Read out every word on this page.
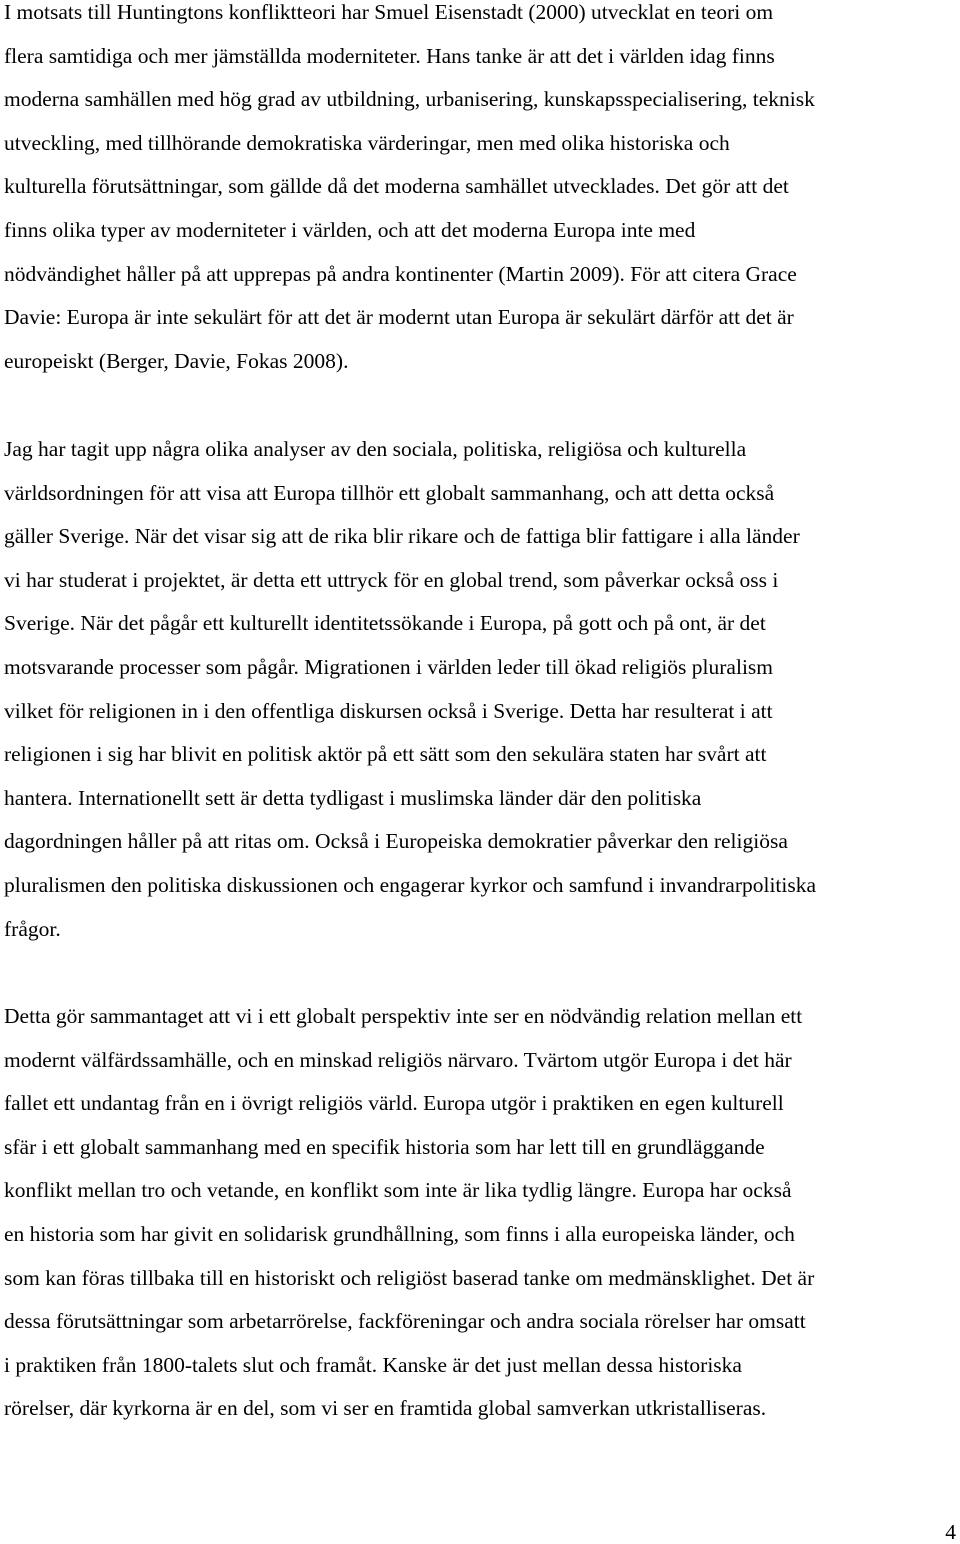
I motsats till Huntingtons konfliktteori har Smuel Eisenstadt (2000) utvecklat en teori om
flera samtidiga och mer jämställda moderniteter. Hans tanke är att det i världen idag finns
moderna samhällen med hög grad av utbildning, urbanisering, kunskapsspecialisering, teknisk
utveckling, med tillhörande demokratiska värderingar, men med olika historiska och
kulturella förutsättningar, som gällde då det moderna samhället utvecklades. Det gör att det
finns olika typer av moderniteter i världen, och att det moderna Europa inte med
nödvändighet håller på att upprepas på andra kontinenter (Martin 2009). För att citera Grace
Davie: Europa är inte sekulärt för att det är modernt utan Europa är sekulärt därför att det är
europeiskt (Berger, Davie, Fokas 2008).
Jag har tagit upp några olika analyser av den sociala, politiska, religiösa och kulturella
världsordningen för att visa att Europa tillhör ett globalt sammanhang, och att detta också
gäller Sverige. När det visar sig att de rika blir rikare och de fattiga blir fattigare i alla länder
vi har studerat i projektet, är detta ett uttryck för en global trend, som påverkar också oss i
Sverige. När det pågår ett kulturellt identitetssökande i Europa, på gott och på ont, är det
motsvarande processer som pågår. Migrationen i världen leder till ökad religiös pluralism
vilket för religionen in i den offentliga diskursen också i Sverige. Detta har resulterat i att
religionen i sig har blivit en politisk aktör på ett sätt som den sekulära staten har svårt att
hantera. Internationellt sett är detta tydligast i muslimska länder där den politiska
dagordningen håller på att ritas om. Också i Europeiska demokratier påverkar den religiösa
pluralismen den politiska diskussionen och engagerar kyrkor och samfund i invandrarpolitiska
frågor.
Detta gör sammantaget att vi i ett globalt perspektiv inte ser en nödvändig relation mellan ett
modernt välfärdssamhälle, och en minskad religiös närvaro. Tvärtom utgör Europa i det här
fallet ett undantag från en i övrigt religiös värld. Europa utgör i praktiken en egen kulturell
sfär i ett globalt sammanhang med en specifik historia som har lett till en grundläggande
konflikt mellan tro och vetande, en konflikt som inte är lika tydlig längre. Europa har också
en historia som har givit en solidarisk grundhållning, som finns i alla europeiska länder, och
som kan föras tillbaka till en historiskt och religiöst baserad tanke om medmänsklighet. Det är
dessa förutsättningar som arbetarrörelse, fackföreningar och andra sociala rörelser har omsatt
i praktiken från 1800-talets slut och framåt. Kanske är det just mellan dessa historiska
rörelser, där kyrkorna är en del, som vi ser en framtida global samverkan utkristalliseras.
4
